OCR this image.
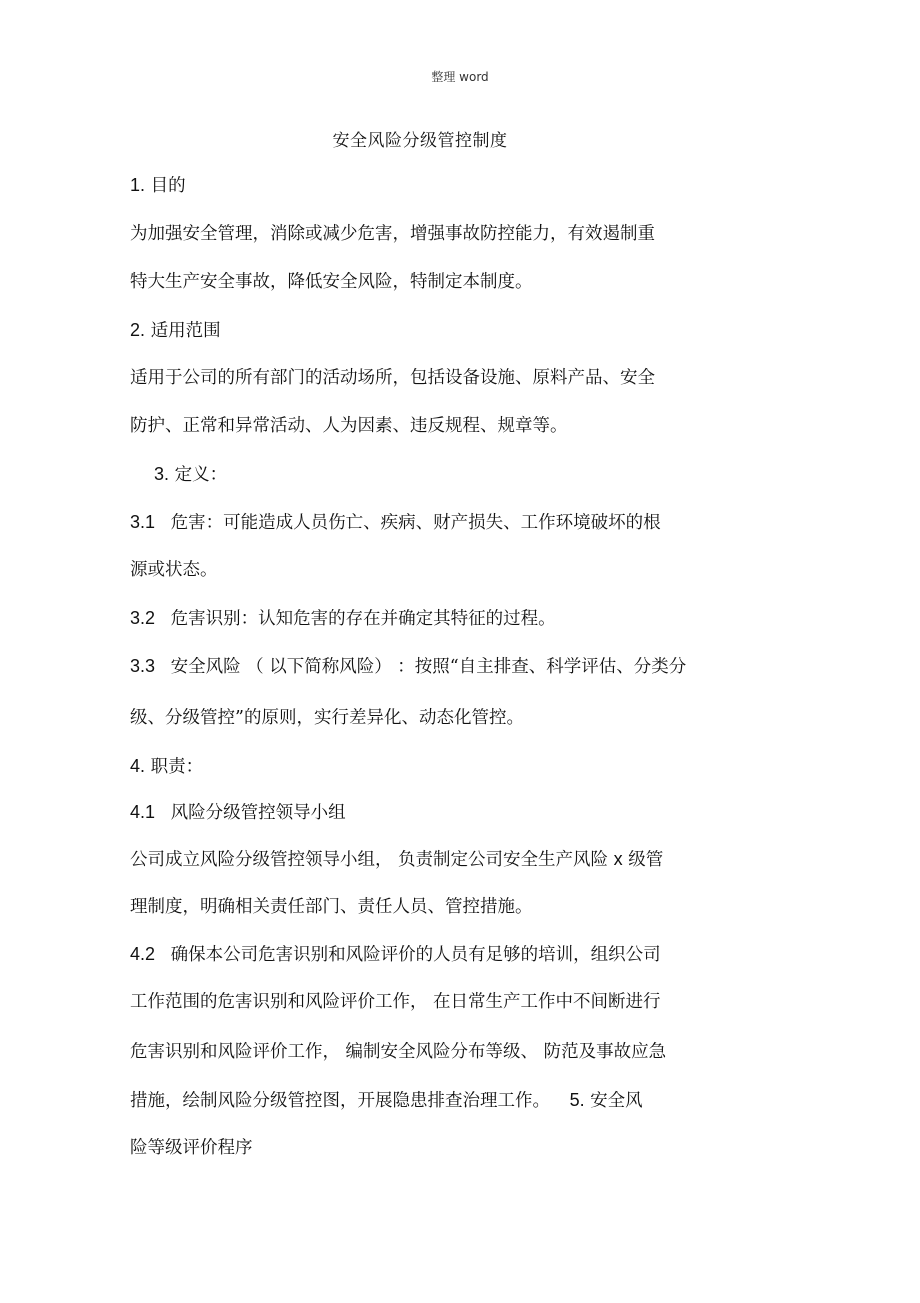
整理 word
安全风险分级管控制度
1. 目的
为加强安全管理，消除或减少危害，增强事故防控能力，有效遏制重
特大生产安全事故，降低安全风险，特制定本制度。
2. 适用范围
适用于公司的所有部门的活动场所，包括设备设施、原料产品、安全
防护、正常和异常活动、人为因素、违反规程、规章等。
3. 定义：
3.1 危害：可能造成人员伤亡、疾病、财产损失、工作环境破坏的根
源或状态。
3.2 危害识别：认知危害的存在并确定其特征的过程。
3.3 安全风险 （ 以下简称风险） ：按照“自主排查、科学评估、分类分
级、分级管控”的原则，实行差异化、动态化管控。
4. 职责：
4.1 风险分级管控领导小组
公司成立风险分级管控领导小组， 负责制定公司安全生产风险 x 级管
理制度，明确相关责任部门、责任人员、管控措施。
4.2 确保本公司危害识别和风险评价的人员有足够的培训，组织公司
工作范围的危害识别和风险评价工作， 在日常生产工作中不间断进行
危害识别和风险评价工作， 编制安全风险分布等级、 防范及事故应急
措施，绘制风险分级管控图，开展隐患排查治理工作。 5. 安全风
险等级评价程序
